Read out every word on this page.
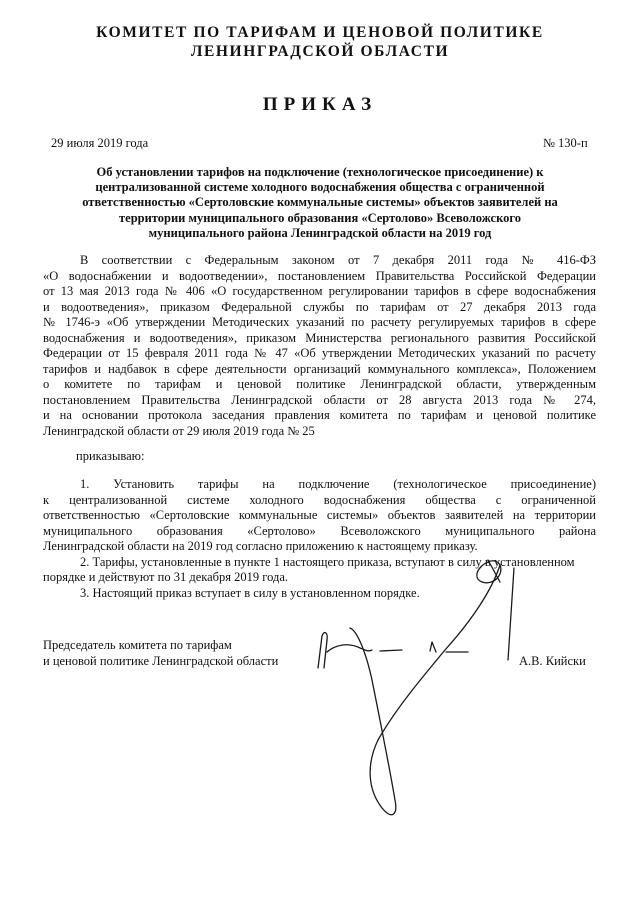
КОМИТЕТ ПО ТАРИФАМ И ЦЕНОВОЙ ПОЛИТИКЕ
ЛЕНИНГРАДСКОЙ ОБЛАСТИ
ПРИКАЗ
29 июля 2019 года	№ 130-п
Об установлении тарифов на подключение (технологическое присоединение) к
централизованной системе холодного водоснабжения общества с ограниченной
ответственностью «Сертоловские коммунальные системы» объектов заявителей на
территории муниципального образования «Сертолово» Всеволожского
муниципального района Ленинградской области на 2019 год
В соответствии с Федеральным законом от 7 декабря 2011 года № 416-ФЗ
«О водоснабжении и водоотведении», постановлением Правительства Российской Федерации
от 13 мая 2013 года № 406 «О государственном регулировании тарифов в сфере водоснабжения
и водоотведения», приказом Федеральной службы по тарифам от 27 декабря 2013 года
№ 1746-э «Об утверждении Методических указаний по расчету регулируемых тарифов в сфере
водоснабжения и водоотведения», приказом Министерства регионального развития Российской
Федерации от 15 февраля 2011 года № 47 «Об утверждении Методических указаний по расчету
тарифов и надбавок в сфере деятельности организаций коммунального комплекса», Положением
о комитете по тарифам и ценовой политике Ленинградской области, утвержденным
постановлением Правительства Ленинградской области от 28 августа 2013 года № 274,
и на основании протокола заседания правления комитета по тарифам и ценовой политике
Ленинградской области от 29 июля 2019 года № 25
приказываю:
1. Установить тарифы на подключение (технологическое присоединение)
к централизованной системе холодного водоснабжения общества с ограниченной
ответственностью «Сертоловские коммунальные системы» объектов заявителей на территории
муниципального образования «Сертолово» Всеволожского муниципального района
Ленинградской области на 2019 год согласно приложению к настоящему приказу.
2. Тарифы, установленные в пункте 1 настоящего приказа, вступают в силу в установленном
порядке и действуют по 31 декабря 2019 года.
3. Настоящий приказ вступает в силу в установленном порядке.
Председатель комитета по тарифам
и ценовой политике Ленинградской области	А.В. Кийски
